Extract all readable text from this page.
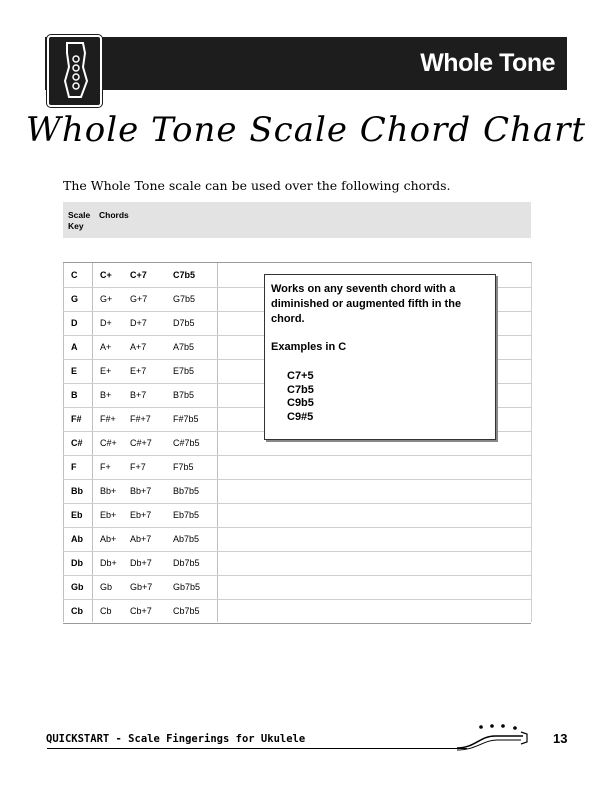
Whole Tone
Whole Tone Scale Chord Chart
The Whole Tone scale can be used over the following chords.
Scale Key
Chords
C	C+ C+7	C7b5
G G+ G+7	G7b5
D	D+ D+7	D7b5
A	A+ A+7	A7b5
E	E+ E+7	E7b5
B	B+ B+7	B7b5
F# F#+ F#+7 F#7b5
C# C#+ C#+7 C#7b5
F	F+ F+7	F7b5
Bb Bb+ Bb+7 Bb7b5
Eb Eb+ Eb+7 Eb7b5
Ab Ab+ Ab+7 Ab7b5
Db Db+ Db+7 Db7b5
Gb Gb Gb+7 Gb7b5
Cb Cb Cb+7 Cb7b5
Works on any seventh chord with a diminished or augmented fifth in the chord.
Examples in C
C7+5
C7b5
C9b5
C9#5
QUICKSTART - Scale Fingerings for Ukulele	13
